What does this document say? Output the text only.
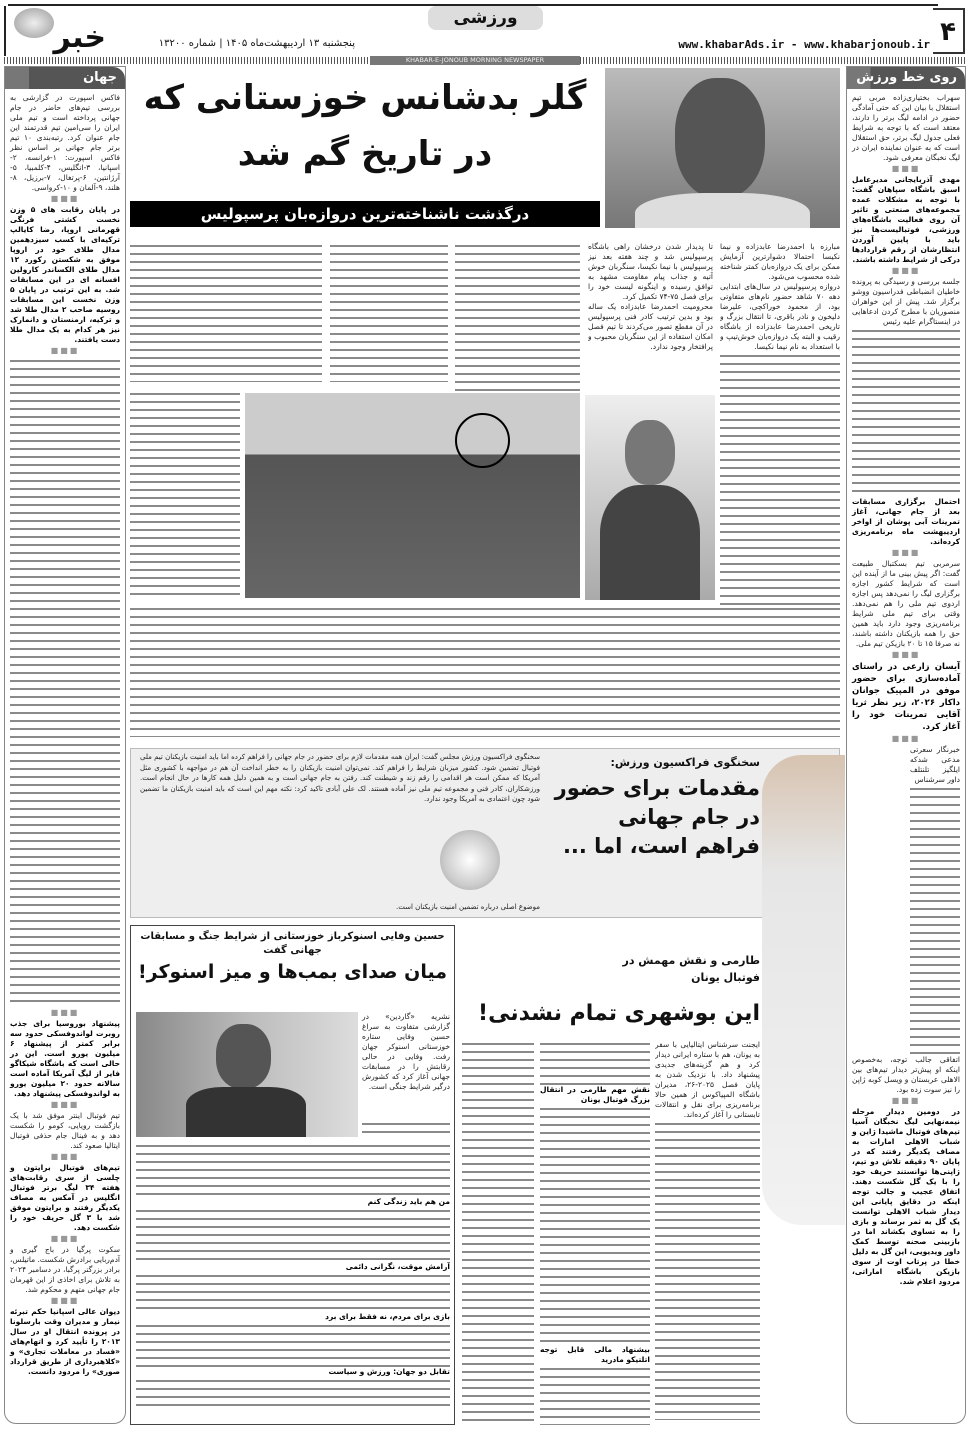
۴
www.khabarAds.ir - www.khabarjonoub.ir
ورزشی
پنجشنبه ۱۳ اردیبهشت‌ماه ۱۴۰۵ | شماره ۱۳۲۰۰
خبر
KHABAR-E-JONOUB MORNING NEWSPAPER
جهان

فاکس اسپورت در گزارشی به بررسی تیم‌های حاضر در جام جهانی پرداخته است و تیم ملی ایران را سی‌امین تیم قدرتمند این جام عنوان کرد. رتبه‌بندی ۱۰ تیم برتر جام جهانی بر اساس نظر فاکس اسپورت: ۱-فرانسه، ۲-اسپانیا، ۳-انگلیس، ۴-کلمبیا، ۵-آرژانتین، ۶-پرتغال، ۷-برزیل، ۸-هلند، ۹-آلمان و ۱۰-کرواسی.

■■■

در پایان رقابت های ۵ وزن نخست کشتی فرنگی قهرمانی اروپا، رضا کایالپ ترکیه‌ای با کسب سیزدهمین مدال طلای خود در اروپا موفق به شکستن رکورد ۱۲ مدال طلای الکساندر کارولین افسانه ای در این مسابقات شد. به این ترتیب در پایان ۵ وزن نخست این مسابقات روسیه صاحب ۲ مدال طلا شد و ترکیه، ارمنستان و دانمارک نیز هر کدام به یک مدال طلا دست یافتند.

■■■
■■■

پیشنهاد بوروسیا برای جذب روبرت لواندوفسکی حدود سه برابر کمتر از پیشنهاد ۶ میلیون یورو است. این در حالی است که باشگاه شیکاگو فایر از لیگ آمریکا آماده است سالانه حدود ۲۰ میلیون یورو به لواندوفسکی پیشنهاد دهد.

■■■

تیم فوتبال اینتر موفق شد با یک بازگشت رویایی، کومو را شکست دهد و به فینال جام حذفی فوتبال ایتالیا صعود کند.

■■■

تیم‌های فوتبال برایتون و چلسی از سری رقابت‌های هفته ۳۴ لیگ برتر فوتبال انگلیس در آمکس به مصاف یکدیگر رفتند و برایتون موفق شد با ۳ گل حریف خود را شکست دهد.

■■■

سکوت پرگیا در باج گیری و آدم‌ربایی برادرش شکست. ماتیلس، برادر بزرگتر پرگبا، در دسامبر ۲۰۲۴ به تلاش برای اخاذی از این قهرمان جام جهانی متهم و محکوم شد.

■■■

دیوان عالی اسپانیا حکم تبرئه نیمار و مدیران وقت بارسلونا در پرونده انتقال او در سال ۲۰۱۳ را تأیید کرد و اتهام‌های «فساد در معاملات تجاری» و «کلاهبرداری از طریق قرارداد صوری» را مردود دانست.

روی خط ورزش

سهراب بختیاری‌زاده مربی تیم استقلال با بیان این که حتی آمادگی حضور در ادامه لیگ برتر را دارند، معتقد است که با توجه به شرایط فعلی جدول لیگ برتر، حق استقلال است که به عنوان نماینده ایران در لیگ نخبگان معرفی شود.

■■■

مهدی آذربایجانی مدیرعامل اسبق باشگاه سپاهان گفت: با توجه به مشکلات عمده مجموعه‌های صنعتی و تاثیر آن روی فعالیت باشگاه‌های ورزشی، فوتبالیست‌ها نیز باید با پایین آوردن انتظارشان از رقم قرارداد‌ها درکی از شرایط داشته باشند.

■■■

جلسه بررسی و رسیدگی به پرونده خاطیان انضباطی فدراسیون ووشو برگزار شد. پیش از این خواهران منصوریان با مطرح کردن ادعاهایی در اینستاگرام علیه رئیس

احتمال برگزاری مسابقات بعد از جام جهانی، آغاز تمرینات آبی پوشان از اواخر اردیبهشت ماه برنامه‌ریزی کرده‌اند.

■■■

سرمربی تیم بسکتبال طبیعت گفت: اگر پیش بینی ما از آینده این است که شرایط کشور اجازه برگزاری لیگ را نمی‌دهد پس اجازه اردوی تیم ملی را هم نمی‌دهد. وقتی برای تیم ملی شرایط برنامه‌ریزی وجود دارد باید همین حق را همه بازیکنان داشته باشند، نه صرفا ۱۵ تا ۲۰ بازیکن تیم ملی.

■■■

آیسان زارعی در راستای آماده‌سازی برای حضور موفق در المپیک جوانان داکار ۲۰۲۶، زیر نظر ثریا آقایی تمرینات خود را آغاز کرد.

■■■

خبرنگار سعرتی مدعی شدکه ایلگیز تلنتلف داور سرشناس

اتفاقی جالب توجه، به‌خصوص اینکه او پیش‌تر دیدار تیم‌های بین الاهلی عربستان و ویسل کوبه ژاپن را نیز سوت زده بود.

■■■

در دومین دیدار مرحله نیمه‌نهایی لیگ نخبگان آسیا تیم‌های فوتبال ماشیدا ژاین و شباب الاهلی امارات به مصاف یکدیگر رفتند که در پایان ۹۰ دقیقه تلاش دو تیم، ژاپنی‌ها توانستند حریف خود را با یک گل شکست دهند. اتفاق عجیب و جالب توجه اینکه در دقایق پایانی این دیدار شباب الاهلی توانست یک گل به ثمر برساند و بازی را به تساوی بکشاند اما در بازبینی صحنه توسط کمک داور ویدیویی، این گل به دلیل خطا در پرتاب اوت از سوی بازیکن باشگاه اماراتی، مردود اعلام شد.

گلر بدشانس خوزستانی که در تاریخ گم شد
درگذشت ناشناخته‌ترین دروازه‌بان پرسپولیس

مبارزه با احمدرضا عابدزاده و نیما نکیسا احتمالا دشوارترین آزمایش ممکن برای یک دروازه‌بان کمتر شناخته شده محسوب می‌شود.

دروازه پرسپولیس در سال‌های ابتدایی دهه ۷۰ شاهد حضور نام‌های متفاوتی بود، از محمود خوراکچی، علیرضا دلیخون و نادر باقری، تا انتقال بزرگ و تاریخی احمدرضا عابدزاده از باشگاه رقیب و البته یک دروازه‌بان خوش‌تیپ و با استعداد به نام نیما نکیسا.

تا پدیدار شدن درخشان راهی باشگاه پرسپولیس شد و چند هفته بعد نیز پرسپولیس با نیما نکیسا، سنگربان خوش آتیه و جذاب پیام مقاومت مشهد به توافق رسیده و اینگونه لیست خود را برای فصل ۷۵-۷۴ تکمیل کرد.

محرومیت احمدرضا عابدزاده یک ساله بود و بدین ترتیب کادر فنی پرسپولیس در آن مقطع تصور می‌کردند تا تیم فصل امکان استفاده از این سنگربان محبوب و پرافتخار وجود ندارد.

سخنگوی فراکسیون ورزش مجلس گفت: ایران همه مقدمات لازم برای حضور در جام جهانی را فراهم کرده اما باید امنیت بازیکنان تیم ملی فوتبال تضمین شود. کشور میزبان شرایط را فراهم کند. نمی‌توان امنیت بازیکنان را به خطر انداخت آن هم در مواجهه با کشوری مثل آمریکا که ممکن است هر اقدامی را رقم زند و شیطنت کند. رفتن به جام جهانی است و به همین دلیل همه کارها در حال انجام است. ورزشکاران، کادر فنی و مجموعه تیم ملی نیز آماده هستند. لک علی آبادی تاکید کرد: نکته مهم این است که باید امنیت بازیکنان ما تضمین شود چون اعتمادی به آمریکا وجود ندارد.
موضوع اصلی درباره تضمین امنیت بازیکنان است.
سخنگوی فراکسیون ورزش:
مقدمات برای حضور در جام جهانی فراهم است، اما ...
حسین وفایی اسنوکرباز خوزستانی از شرایط جنگ و مسابقات جهانی گفت
میان صدای بمب‌ها و میز اسنوکر!
نشریه «گاردین» در گزارشی متفاوت به سراغ حسین وفایی ستاره خوزستانی اسنوکر جهان رفت. وفایی در حالی رقابتش را در مسابقات جهانی آغاز کرد که کشورش درگیر شرایط جنگی است.

من هم باید زندگی کنم

آرامش موقت، نگرانی دائمی

بازی برای مردم، نه فقط برای برد

تقابل دو جهان: ورزش و سیاست

طارمی و نقش مهمش در فوتبال یونان
این بوشهری تمام نشدنی!

ایجنت سرشناس ایتالیایی با سفر به یونان، هم با ستاره ایرانی دیدار کرد و هم گزینه‌های جدیدی پیشنهاد داد. با نزدیک شدن به پایان فصل ۲۰۲۵-۲۶، مدیران باشگاه المپیاکوس از همین حالا برنامه‌ریزی برای نقل و انتقالات تابستانی را آغاز کرده‌اند.

نقش مهم طارمی در انتقال بزرگ فوتبال یونان

بیشنهاد مالی قابل توجه اتلتیکو مادرید
